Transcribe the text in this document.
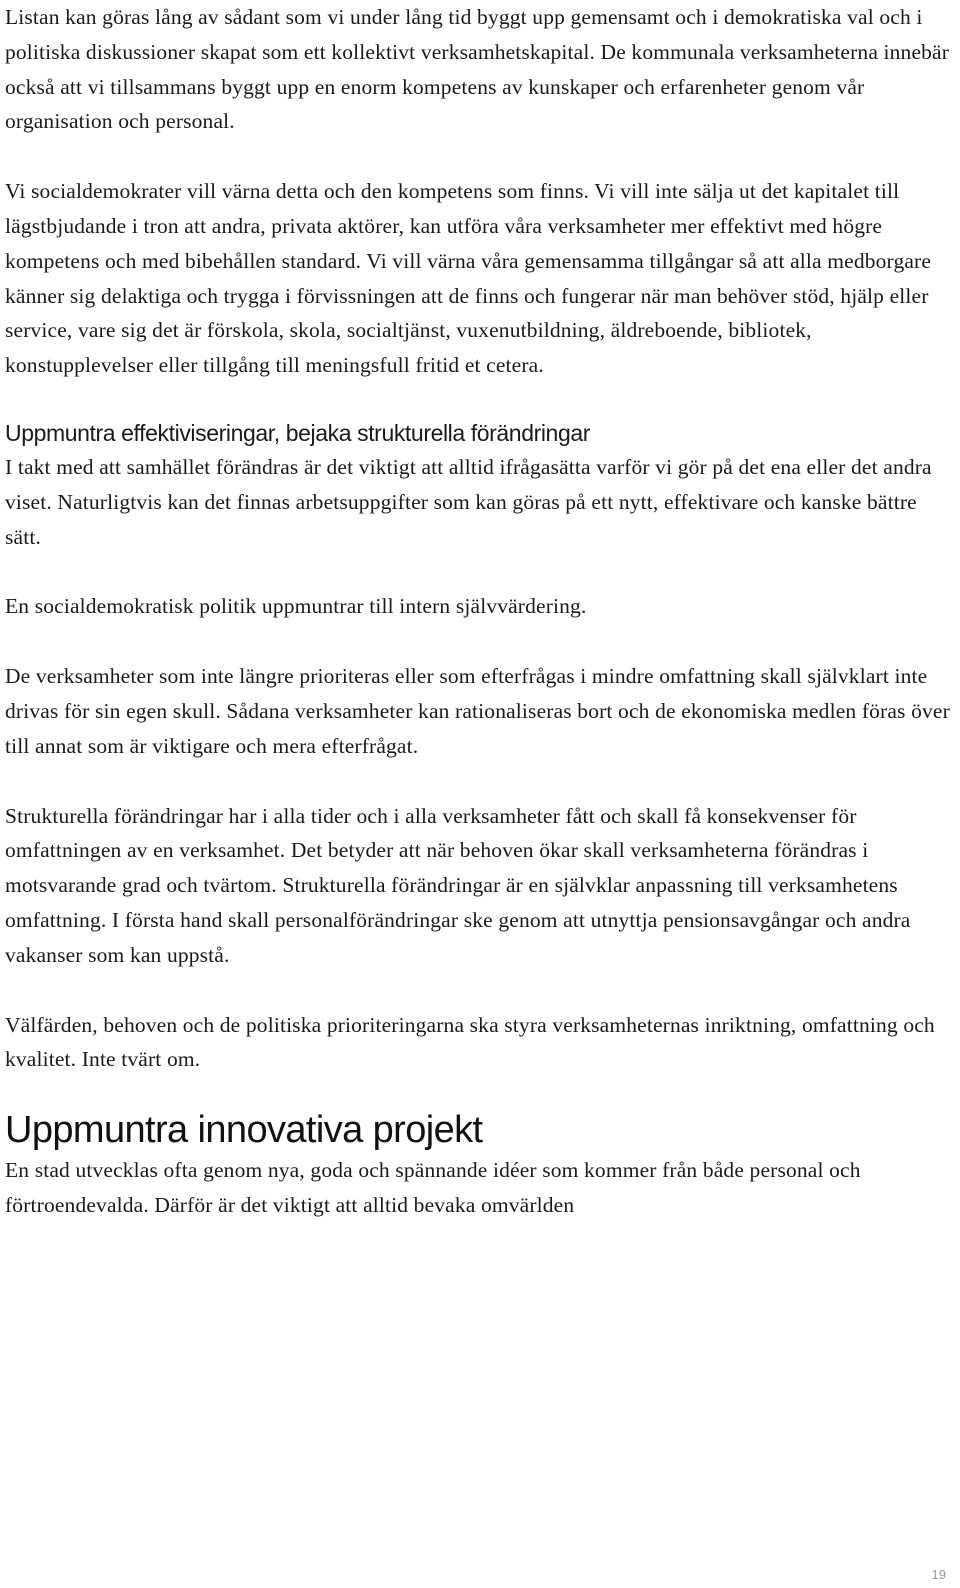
Listan kan göras lång av sådant som vi under lång tid byggt upp gemensamt och i demokratiska val och i politiska diskussioner skapat som ett kollektivt verksamhetskapital. De kommunala verksamheterna innebär också att vi tillsammans byggt upp en enorm kompetens av kunskaper och erfarenheter genom vår organisation och personal.

Vi socialdemokrater vill värna detta och den kompetens som finns. Vi vill inte sälja ut det kapitalet till lägstbjudande i tron att andra, privata aktörer, kan utföra våra verksamheter mer effektivt med högre kompetens och med bibehållen standard. Vi vill värna våra gemensamma tillgångar så att alla medborgare känner sig delaktiga och trygga i förvissningen att de finns och fungerar när man behöver stöd, hjälp eller service, vare sig det är förskola, skola, socialtjänst, vuxenutbildning, äldreboende, bibliotek, konstupplevelser eller tillgång till meningsfull fritid et cetera.

Uppmuntra effektiviseringar, bejaka strukturella förändringar

I takt med att samhället förändras är det viktigt att alltid ifrågasätta varför vi gör på det ena eller det andra viset. Naturligtvis kan det finnas arbetsuppgifter som kan göras på ett nytt, effektivare och kanske bättre sätt.

En socialdemokratisk politik uppmuntrar till intern självvärdering.

De verksamheter som inte längre prioriteras eller som efterfrågas i mindre omfattning skall självklart inte drivas för sin egen skull. Sådana verksamheter kan rationaliseras bort och de ekonomiska medlen föras över till annat som är viktigare och mera efterfrågat.

Strukturella förändringar har i alla tider och i alla verksamheter fått och skall få konsekvenser för omfattningen av en verksamhet. Det betyder att när behoven ökar skall verksamheterna förändras i motsvarande grad och tvärtom. Strukturella förändringar är en självklar anpassning till verksamhetens omfattning. I första hand skall personalförändringar ske genom att utnyttja pensionsavgångar och andra vakanser som kan uppstå.

Välfärden, behoven och de politiska prioriteringarna ska styra verksamheternas inriktning, omfattning och kvalitet. Inte tvärt om.

Uppmuntra innovativa projekt

En stad utvecklas ofta genom nya, goda och spännande idéer som kommer från både personal och förtroendevalda. Därför är det viktigt att alltid bevaka omvärlden

19
